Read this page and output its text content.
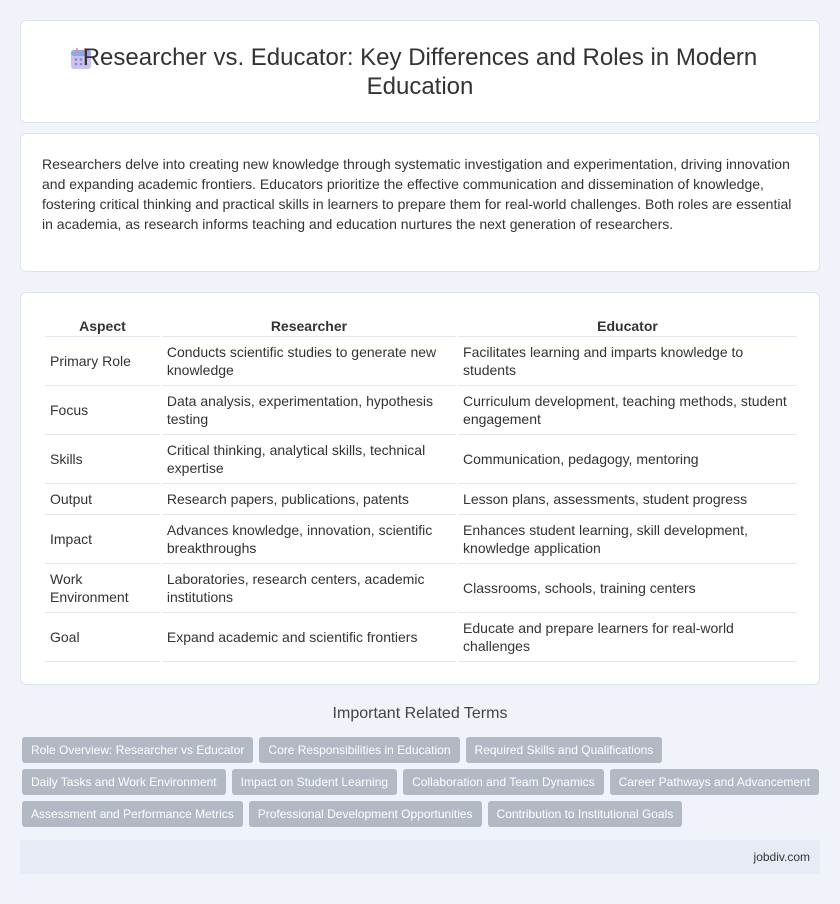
Researcher vs. Educator: Key Differences and Roles in Modern Education

Researchers delve into creating new knowledge through systematic investigation and experimentation, driving innovation and expanding academic frontiers. Educators prioritize the effective communication and dissemination of knowledge, fostering critical thinking and practical skills in learners to prepare them for real-world challenges. Both roles are essential in academia, as research informs teaching and education nurtures the next generation of researchers.

Aspect	Researcher	Educator
Primary Role	Conducts scientific studies to generate new knowledge	Facilitates learning and imparts knowledge to students
Focus	Data analysis, experimentation, hypothesis testing	Curriculum development, teaching methods, student engagement
Skills	Critical thinking, analytical skills, technical expertise	Communication, pedagogy, mentoring
Output	Research papers, publications, patents	Lesson plans, assessments, student progress
Impact	Advances knowledge, innovation, scientific breakthroughs	Enhances student learning, skill development, knowledge application
Work Environment	Laboratories, research centers, academic institutions	Classrooms, schools, training centers
Goal	Expand academic and scientific frontiers	Educate and prepare learners for real-world challenges
Important Related Terms
Role Overview: Researcher vs Educator	Core Responsibilities in Education	Required Skills and Qualifications
Daily Tasks and Work Environment	Impact on Student Learning	Collaboration and Team Dynamics	Career Pathways and Advancement
Assessment and Performance Metrics	Professional Development Opportunities	Contribution to Institutional Goals
jobdiv.com
